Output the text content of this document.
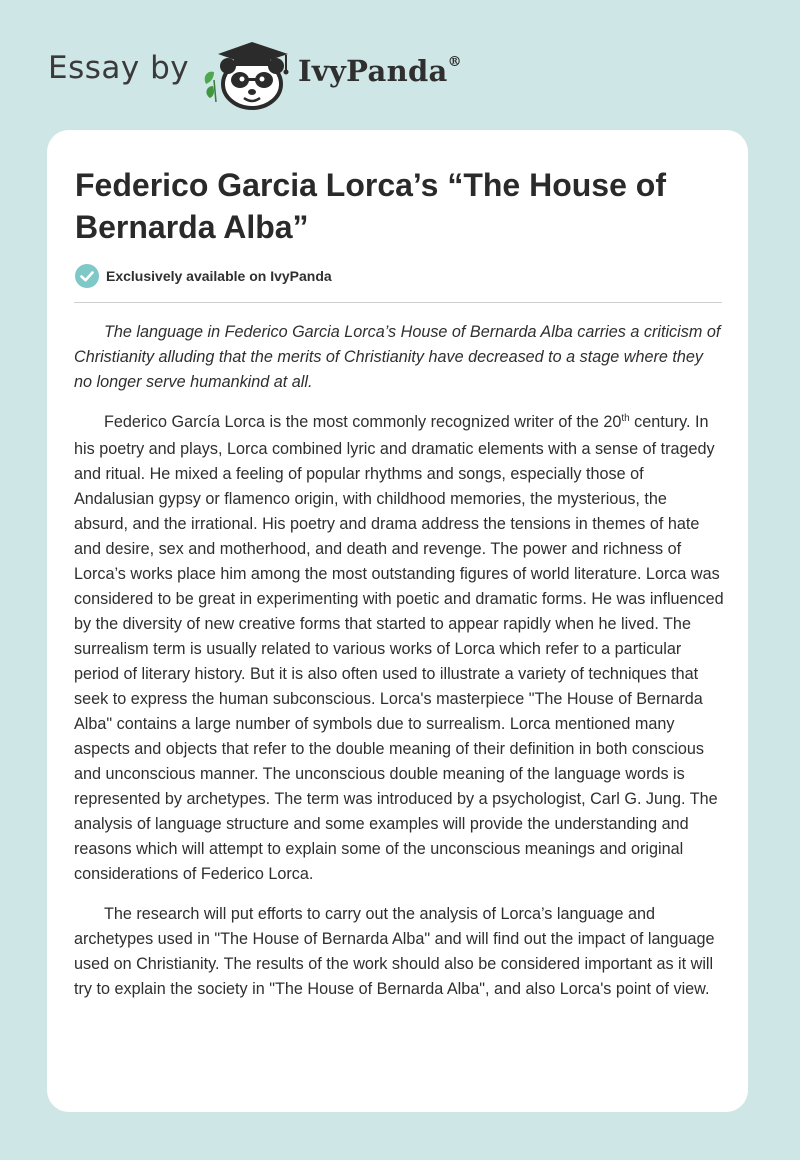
Essay by	IvyPanda®
Federico Garcia Lorca’s “The House of Bernarda Alba”
Exclusively available on IvyPanda

The language in Federico Garcia Lorca’s House of Bernarda Alba carries a criticism of Christianity alluding that the merits of Christianity have decreased to a stage where they no longer serve humankind at all.

Federico García Lorca is the most commonly recognized writer of the 20th century. In his poetry and plays, Lorca combined lyric and dramatic elements with a sense of tragedy and ritual. He mixed a feeling of popular rhythms and songs, especially those of Andalusian gypsy or flamenco origin, with childhood memories, the mysterious, the absurd, and the irrational. His poetry and drama address the tensions in themes of hate and desire, sex and motherhood, and death and revenge. The power and richness of Lorca’s works place him among the most outstanding figures of world literature. Lorca was considered to be great in experimenting with poetic and dramatic forms. He was influenced by the diversity of new creative forms that started to appear rapidly when he lived. The surrealism term is usually related to various works of Lorca which refer to a particular period of literary history. But it is also often used to illustrate a variety of techniques that seek to express the human subconscious. Lorca's masterpiece "The House of Bernarda Alba" contains a large number of symbols due to surrealism. Lorca mentioned many aspects and objects that refer to the double meaning of their definition in both conscious and unconscious manner. The unconscious double meaning of the language words is represented by archetypes. The term was introduced by a psychologist, Carl G. Jung. The analysis of language structure and some examples will provide the understanding and reasons which will attempt to explain some of the unconscious meanings and original considerations of Federico Lorca.

The research will put efforts to carry out the analysis of Lorca’s language and archetypes used in "The House of Bernarda Alba" and will find out the impact of language used on Christianity. The results of the work should also be considered important as it will try to explain the society in "The House of Bernarda Alba", and also Lorca's point of view.
